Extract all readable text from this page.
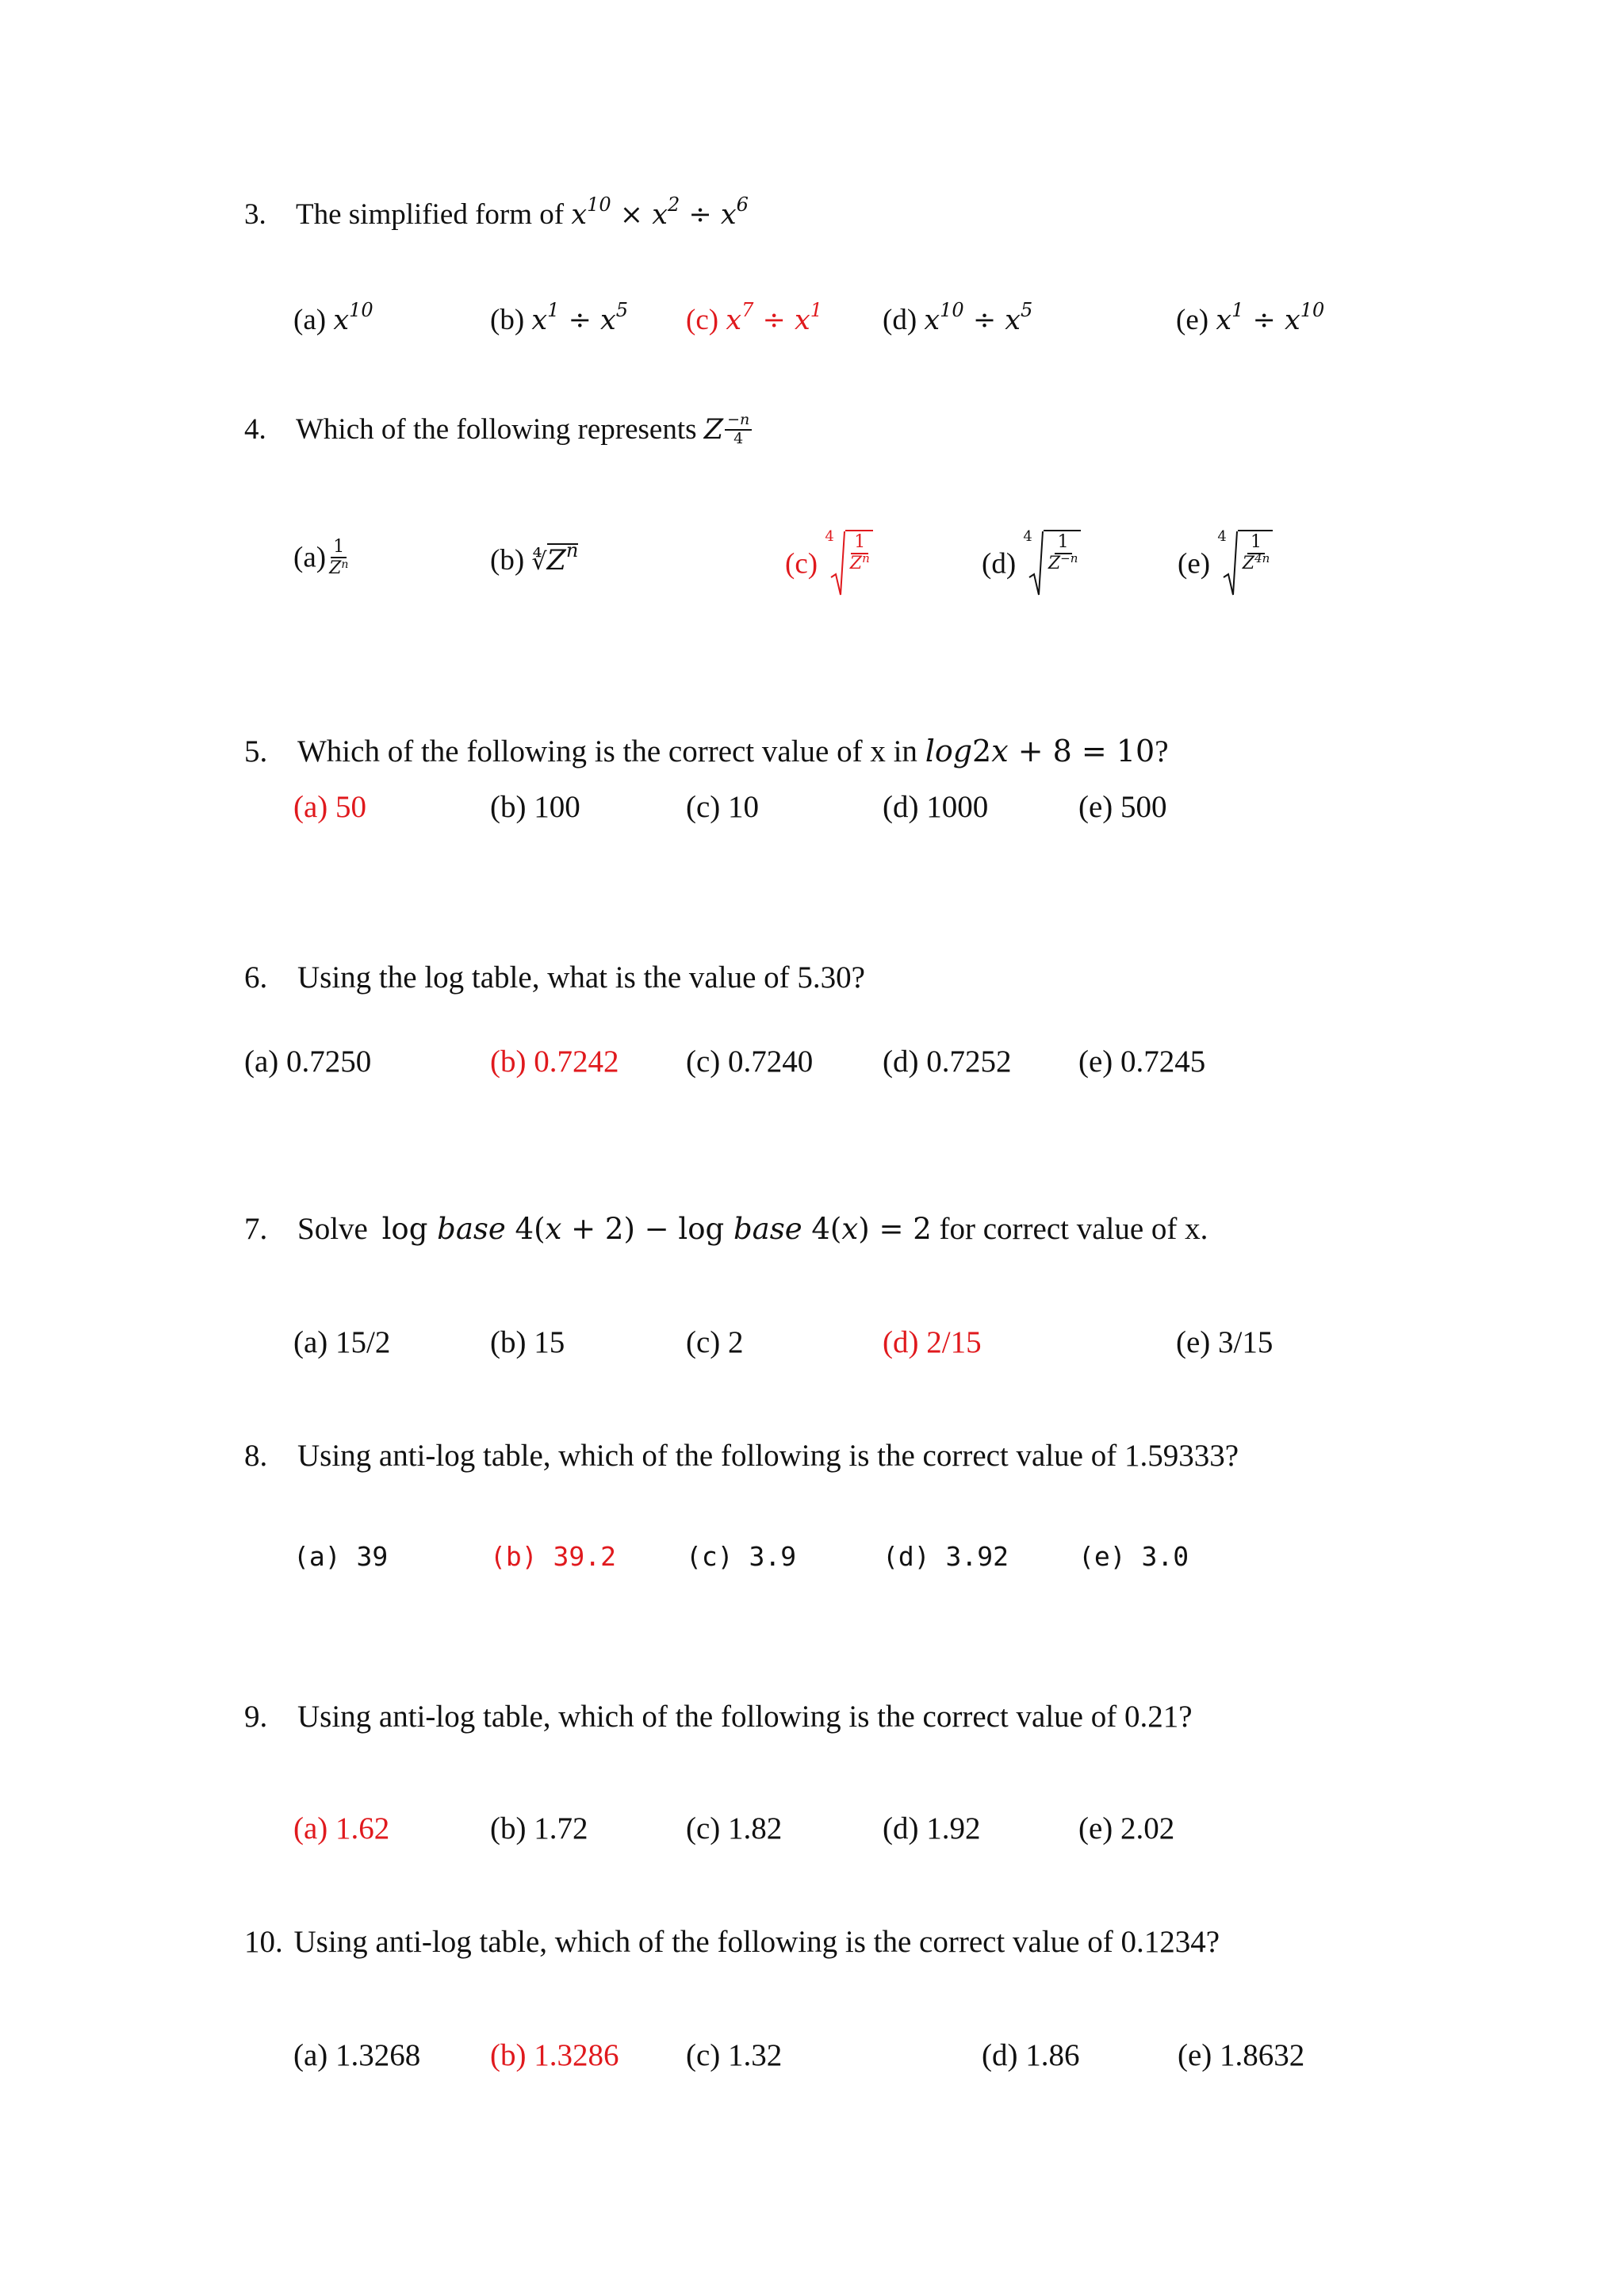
3. The simplified form of $x^{10} \times x^2 \div x^6$
(a) $x^{10}$	(b) $x^1 \div x^5$ (c) $x^7 \div x^1$ (d) $x^{10} \div x^5$	(e) $x^1 \div x^{10}$
4. Which of the following represents Z $\frac{-n}{4}$
$(a) \frac{1}{Z^n}$	(b) $∜Z^n$	(c)
4 1
$Z^n$	(d)
4 1
$Z^{-n}$	(e)
4 1
$Z^{4n}$
5. Which of the following is the correct value of x in log2x + 8 = 10?
(a) 50	(b) 100	(c) 10	(d) 1000	(e) 500
6. Using the log table, what is the value of 5.30?
(a) 0.7250	(b) 0.7242 (c) 0.7240 (d) 0.7252 (e) 0.7245
7. Solve log base 4(x + 2) − log base 4(x) = 2 for correct value of x.
(a) 15/2	(b) 15	(c) 2	(d) 2/15	(e) 3/15
8. Using anti-log table, which of the following is the correct value of 1.59333?
(a) 39	(b) 39.2	(c) 3.9	(d) 3.92	(e) 3.0
9. Using anti-log table, which of the following is the correct value of 0.21?
(a) 1.62	(b) 1.72	(c) 1.82	(d) 1.92	(e) 2.02
10. Using anti-log table, which of the following is the correct value of 0.1234?
(a) 1.3268 (b) 1.3286 (c) 1.32	(d) 1.86	(e) 1.8632
